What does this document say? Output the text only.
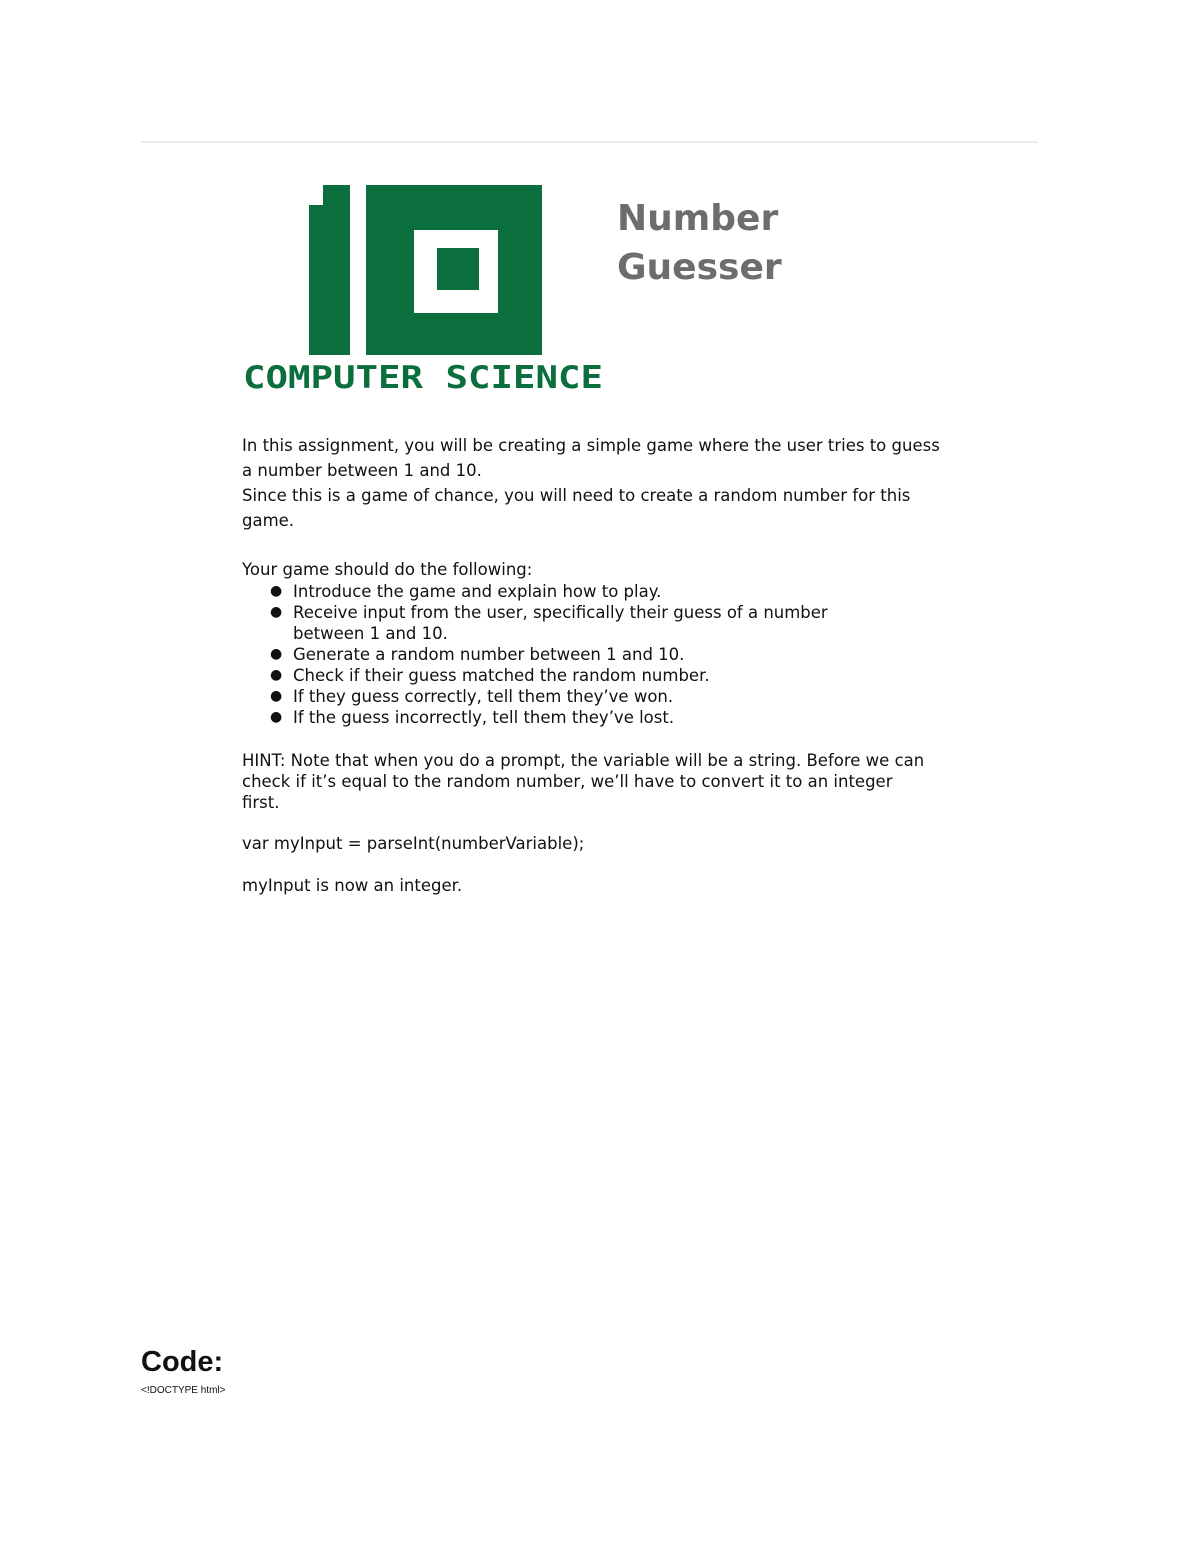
COMPUTER SCIENCE
Number
Guesser

In this assignment, you will be creating a simple game where the user tries to guess a number between 1 and 10.

Since this is a game of chance, you will need to create a random number for this game.

Your game should do the following:

● Introduce the game and explain how to play.
● Receive input from the user, specifically their guess of a number between 1 and 10.
● Generate a random number between 1 and 10.
● Check if their guess matched the random number.
● If they guess correctly, tell them they’ve won.
● If the guess incorrectly, tell them they’ve lost.

HINT: Note that when you do a prompt, the variable will be a string. Before we can check if it’s equal to the random number, we’ll have to convert it to an integer first.

var myInput = parseInt(numberVariable);

myInput is now an integer.

Code:

<!DOCTYPE html>
